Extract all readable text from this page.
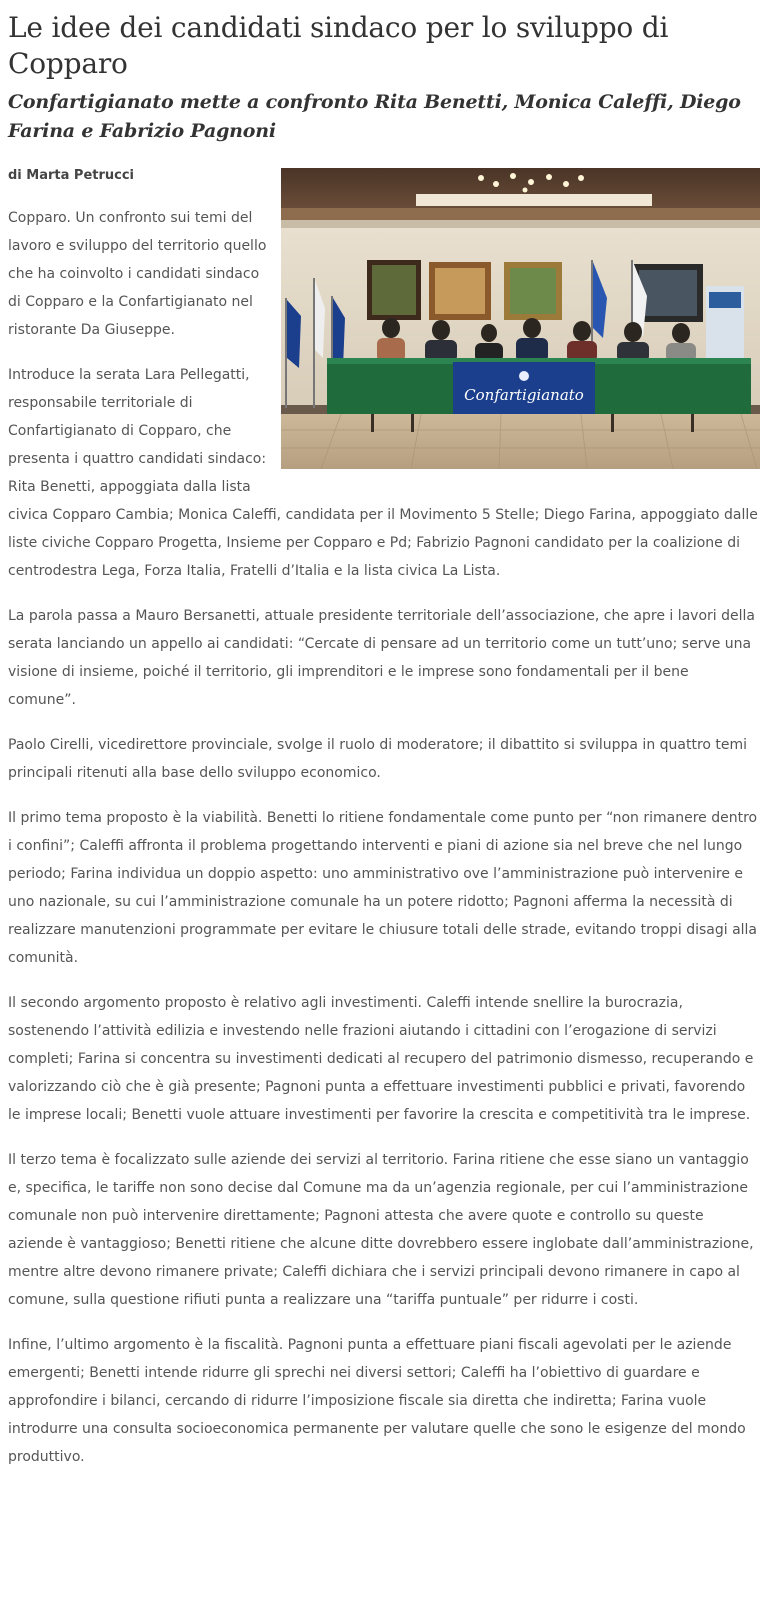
Le idee dei candidati sindaco per lo sviluppo di Copparo
Confartigianato mette a confronto Rita Benetti, Monica Caleffi, Diego Farina e Fabrizio Pagnoni
Confartigianato
di Marta Petrucci

Copparo. Un confronto sui temi del lavoro e sviluppo del territorio quello che ha coinvolto i candidati sindaco di Copparo e la Confartigianato nel ristorante Da Giuseppe.

Introduce la serata Lara Pellegatti, responsabile territoriale di Confartigianato di Copparo, che presenta i quattro candidati sindaco: Rita Benetti, appoggiata dalla lista civica Copparo Cambia; Monica Caleffi, candidata per il Movimento 5 Stelle; Diego Farina, appoggiato dalle liste civiche Copparo Progetta, Insieme per Copparo e Pd; Fabrizio Pagnoni candidato per la coalizione di centrodestra Lega, Forza Italia, Fratelli d’Italia e la lista civica La Lista.

La parola passa a Mauro Bersanetti, attuale presidente territoriale dell’associazione, che apre i lavori della serata lanciando un appello ai candidati: “Cercate di pensare ad un territorio come un tutt’uno; serve una visione di insieme, poiché il territorio, gli imprenditori e le imprese sono fondamentali per il bene comune”.

Paolo Cirelli, vicedirettore provinciale, svolge il ruolo di moderatore; il dibattito si sviluppa in quattro temi principali ritenuti alla base dello sviluppo economico.

Il primo tema proposto è la viabilità. Benetti lo ritiene fondamentale come punto per “non rimanere dentro i confini”; Caleffi affronta il problema progettando interventi e piani di azione sia nel breve che nel lungo periodo; Farina individua un doppio aspetto: uno amministrativo ove l’amministrazione può intervenire e uno nazionale, su cui l’amministrazione comunale ha un potere ridotto; Pagnoni afferma la necessità di realizzare manutenzioni programmate per evitare le chiusure totali delle strade, evitando troppi disagi alla comunità.

Il secondo argomento proposto è relativo agli investimenti. Caleffi intende snellire la burocrazia, sostenendo l’attività edilizia e investendo nelle frazioni aiutando i cittadini con l’erogazione di servizi completi; Farina si concentra su investimenti dedicati al recupero del patrimonio dismesso, recuperando e valorizzando ciò che è già presente; Pagnoni punta a effettuare investimenti pubblici e privati, favorendo le imprese locali; Benetti vuole attuare investimenti per favorire la crescita e competitività tra le imprese.

Il terzo tema è focalizzato sulle aziende dei servizi al territorio. Farina ritiene che esse siano un vantaggio e, specifica, le tariffe non sono decise dal Comune ma da un’agenzia regionale, per cui l’amministrazione comunale non può intervenire direttamente; Pagnoni attesta che avere quote e controllo su queste aziende è vantaggioso; Benetti ritiene che alcune ditte dovrebbero essere inglobate dall’amministrazione, mentre altre devono rimanere private; Caleffi dichiara che i servizi principali devono rimanere in capo al comune, sulla questione rifiuti punta a realizzare una “tariffa puntuale” per ridurre i costi.

Infine, l’ultimo argomento è la fiscalità. Pagnoni punta a effettuare piani fiscali agevolati per le aziende emergenti; Benetti intende ridurre gli sprechi nei diversi settori; Caleffi ha l’obiettivo di guardare e approfondire i bilanci, cercando di ridurre l’imposizione fiscale sia diretta che indiretta; Farina vuole introdurre una consulta socioeconomica permanente per valutare quelle che sono le esigenze del mondo produttivo.
